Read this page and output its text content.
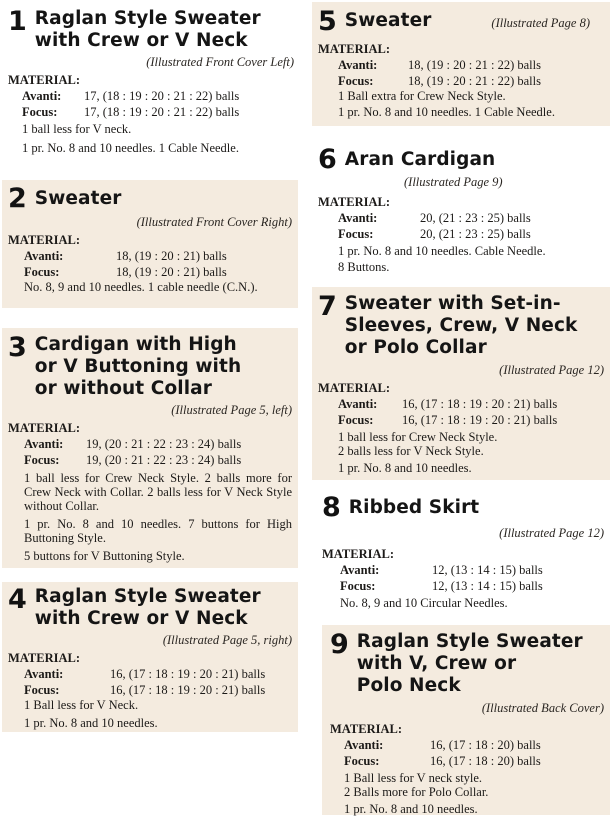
1 Raglan Style Sweater
with Crew or V Neck
(Illustrated Front Cover Left)
MATERIAL:
Avanti:	17, (18 : 19 : 20 : 21 : 22) balls
Focus:	17, (18 : 19 : 20 : 21 : 22) balls
1 ball less for V neck.
1 pr. No. 8 and 10 needles. 1 Cable Needle.
2 Sweater
(Illustrated Front Cover Right)
MATERIAL:
Avanti:	18, (19 : 20 : 21) balls
Focus:	18, (19 : 20 : 21) balls
No. 8, 9 and 10 needles. 1 cable needle (C.N.).
3 Cardigan with High
or V Buttoning with
or without Collar
(Illustrated Page 5, left)
MATERIAL:
Avanti:	19, (20 : 21 : 22 : 23 : 24) balls
Focus:	19, (20 : 21 : 22 : 23 : 24) balls
1 ball less for Crew Neck Style. 2 balls more for Crew Neck with Collar. 2 balls less for V Neck Style without Collar.
1 pr. No. 8 and 10 needles. 7 buttons for High Buttoning Style.
5 buttons for V Buttoning Style.
4 Raglan Style Sweater
with Crew or V Neck
(Illustrated Page 5, right)
MATERIAL:
Avanti:	16, (17 : 18 : 19 : 20 : 21) balls
Focus:	16, (17 : 18 : 19 : 20 : 21) balls
1 Ball less for V Neck.
1 pr. No. 8 and 10 needles.
5 Sweater	(Illustrated Page 8)
MATERIAL:
Avanti:	18, (19 : 20 : 21 : 22) balls
Focus:	18, (19 : 20 : 21 : 22) balls
1 Ball extra for Crew Neck Style.
1 pr. No. 8 and 10 needles. 1 Cable Needle.
6 Aran Cardigan
(Illustrated Page 9)
MATERIAL:
Avanti:	20, (21 : 23 : 25) balls
Focus:	20, (21 : 23 : 25) balls
1 pr. No. 8 and 10 needles. Cable Needle.
8 Buttons.
7 Sweater with Set-in-
Sleeves, Crew, V Neck
or Polo Collar
(Illustrated Page 12)
MATERIAL:
Avanti:	16, (17 : 18 : 19 : 20 : 21) balls
Focus:	16, (17 : 18 : 19 : 20 : 21) balls
1 ball less for Crew Neck Style.
2 balls less for V Neck Style.
1 pr. No. 8 and 10 needles.
8 Ribbed Skirt
(Illustrated Page 12)
MATERIAL:
Avanti:	12, (13 : 14 : 15) balls
Focus:	12, (13 : 14 : 15) balls
No. 8, 9 and 10 Circular Needles.
9 Raglan Style Sweater
with V, Crew or
Polo Neck
(Illustrated Back Cover)
MATERIAL:
Avanti:	16, (17 : 18 : 20) balls
Focus:	16, (17 : 18 : 20) balls
1 Ball less for V neck style.
2 Balls more for Polo Collar.
1 pr. No. 8 and 10 needles.
